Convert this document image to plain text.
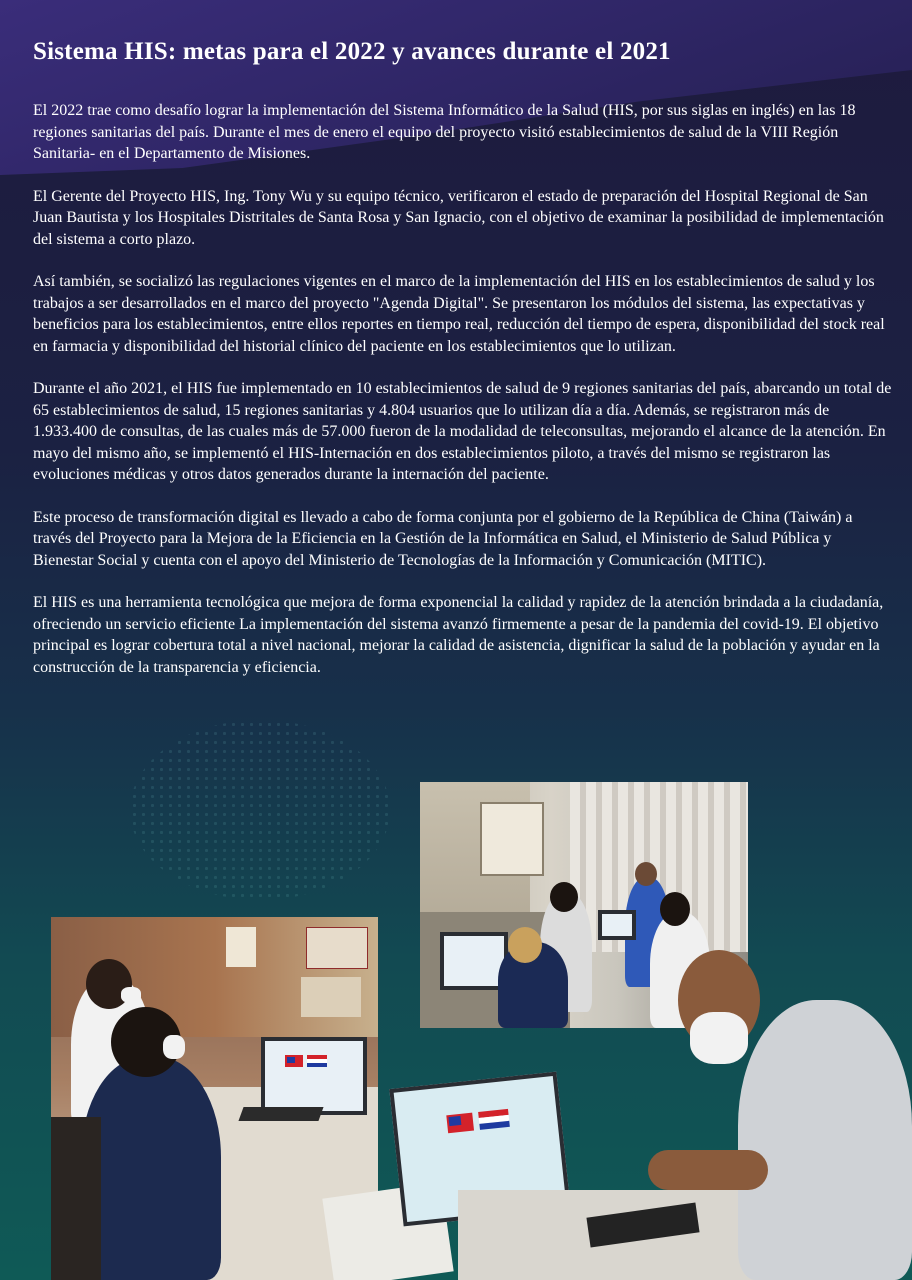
Sistema HIS: metas para el 2022 y avances durante el 2021

El 2022 trae como desafío lograr la implementación del Sistema Informático de la Salud (HIS, por sus siglas en inglés) en las 18 regiones sanitarias del país. Durante el mes de enero el equipo del proyecto visitó establecimientos de salud de la VIII Región Sanitaria- en el Departamento de Misiones.

El Gerente del Proyecto HIS, Ing. Tony Wu y su equipo técnico, verificaron el estado de preparación del Hospital Regional de San Juan Bautista y los Hospitales Distritales de Santa Rosa y San Ignacio, con el objetivo de examinar la posibilidad de implementación del sistema a corto plazo.

Así también, se socializó las regulaciones vigentes en el marco de la implementación del HIS en los establecimientos de salud y los trabajos a ser desarrollados en el marco del proyecto "Agenda Digital". Se presentaron los módulos del sistema, las expectativas y beneficios para los establecimientos, entre ellos reportes en tiempo real, reducción del tiempo de espera, disponibilidad del stock real en farmacia y disponibilidad del historial clínico del paciente en los establecimientos que lo utilizan.

Durante el año 2021, el HIS fue implementado en 10 establecimientos de salud de 9 regiones sanitarias del país, abarcando un total de 65 establecimientos de salud, 15 regiones sanitarias y 4.804 usuarios que lo utilizan día a día. Además, se registraron más de 1.933.400 de consultas, de las cuales más de 57.000 fueron de la modalidad de teleconsultas, mejorando el alcance de la atención. En mayo del mismo año, se implementó el HIS-Internación en dos establecimientos piloto, a través del mismo se registraron las evoluciones médicas y otros datos generados durante la internación del paciente.

Este proceso de transformación digital es llevado a cabo de forma conjunta por el gobierno de la República de China (Taiwán) a través del Proyecto para la Mejora de la Eficiencia en la Gestión de la Informática en Salud, el Ministerio de Salud Pública y Bienestar Social y cuenta con el apoyo del Ministerio de Tecnologías de la Información y Comunicación (MITIC).

El HIS es una herramienta tecnológica que mejora de forma exponencial la calidad y rapidez de la atención brindada a la ciudadanía, ofreciendo un servicio eficiente La implementación del sistema avanzó firmemente a pesar de la pandemia del covid-19. El objetivo principal es lograr cobertura total a nivel nacional, mejorar la calidad de asistencia, dignificar la salud de la población y ayudar en la construcción de la transparencia y eficiencia.
